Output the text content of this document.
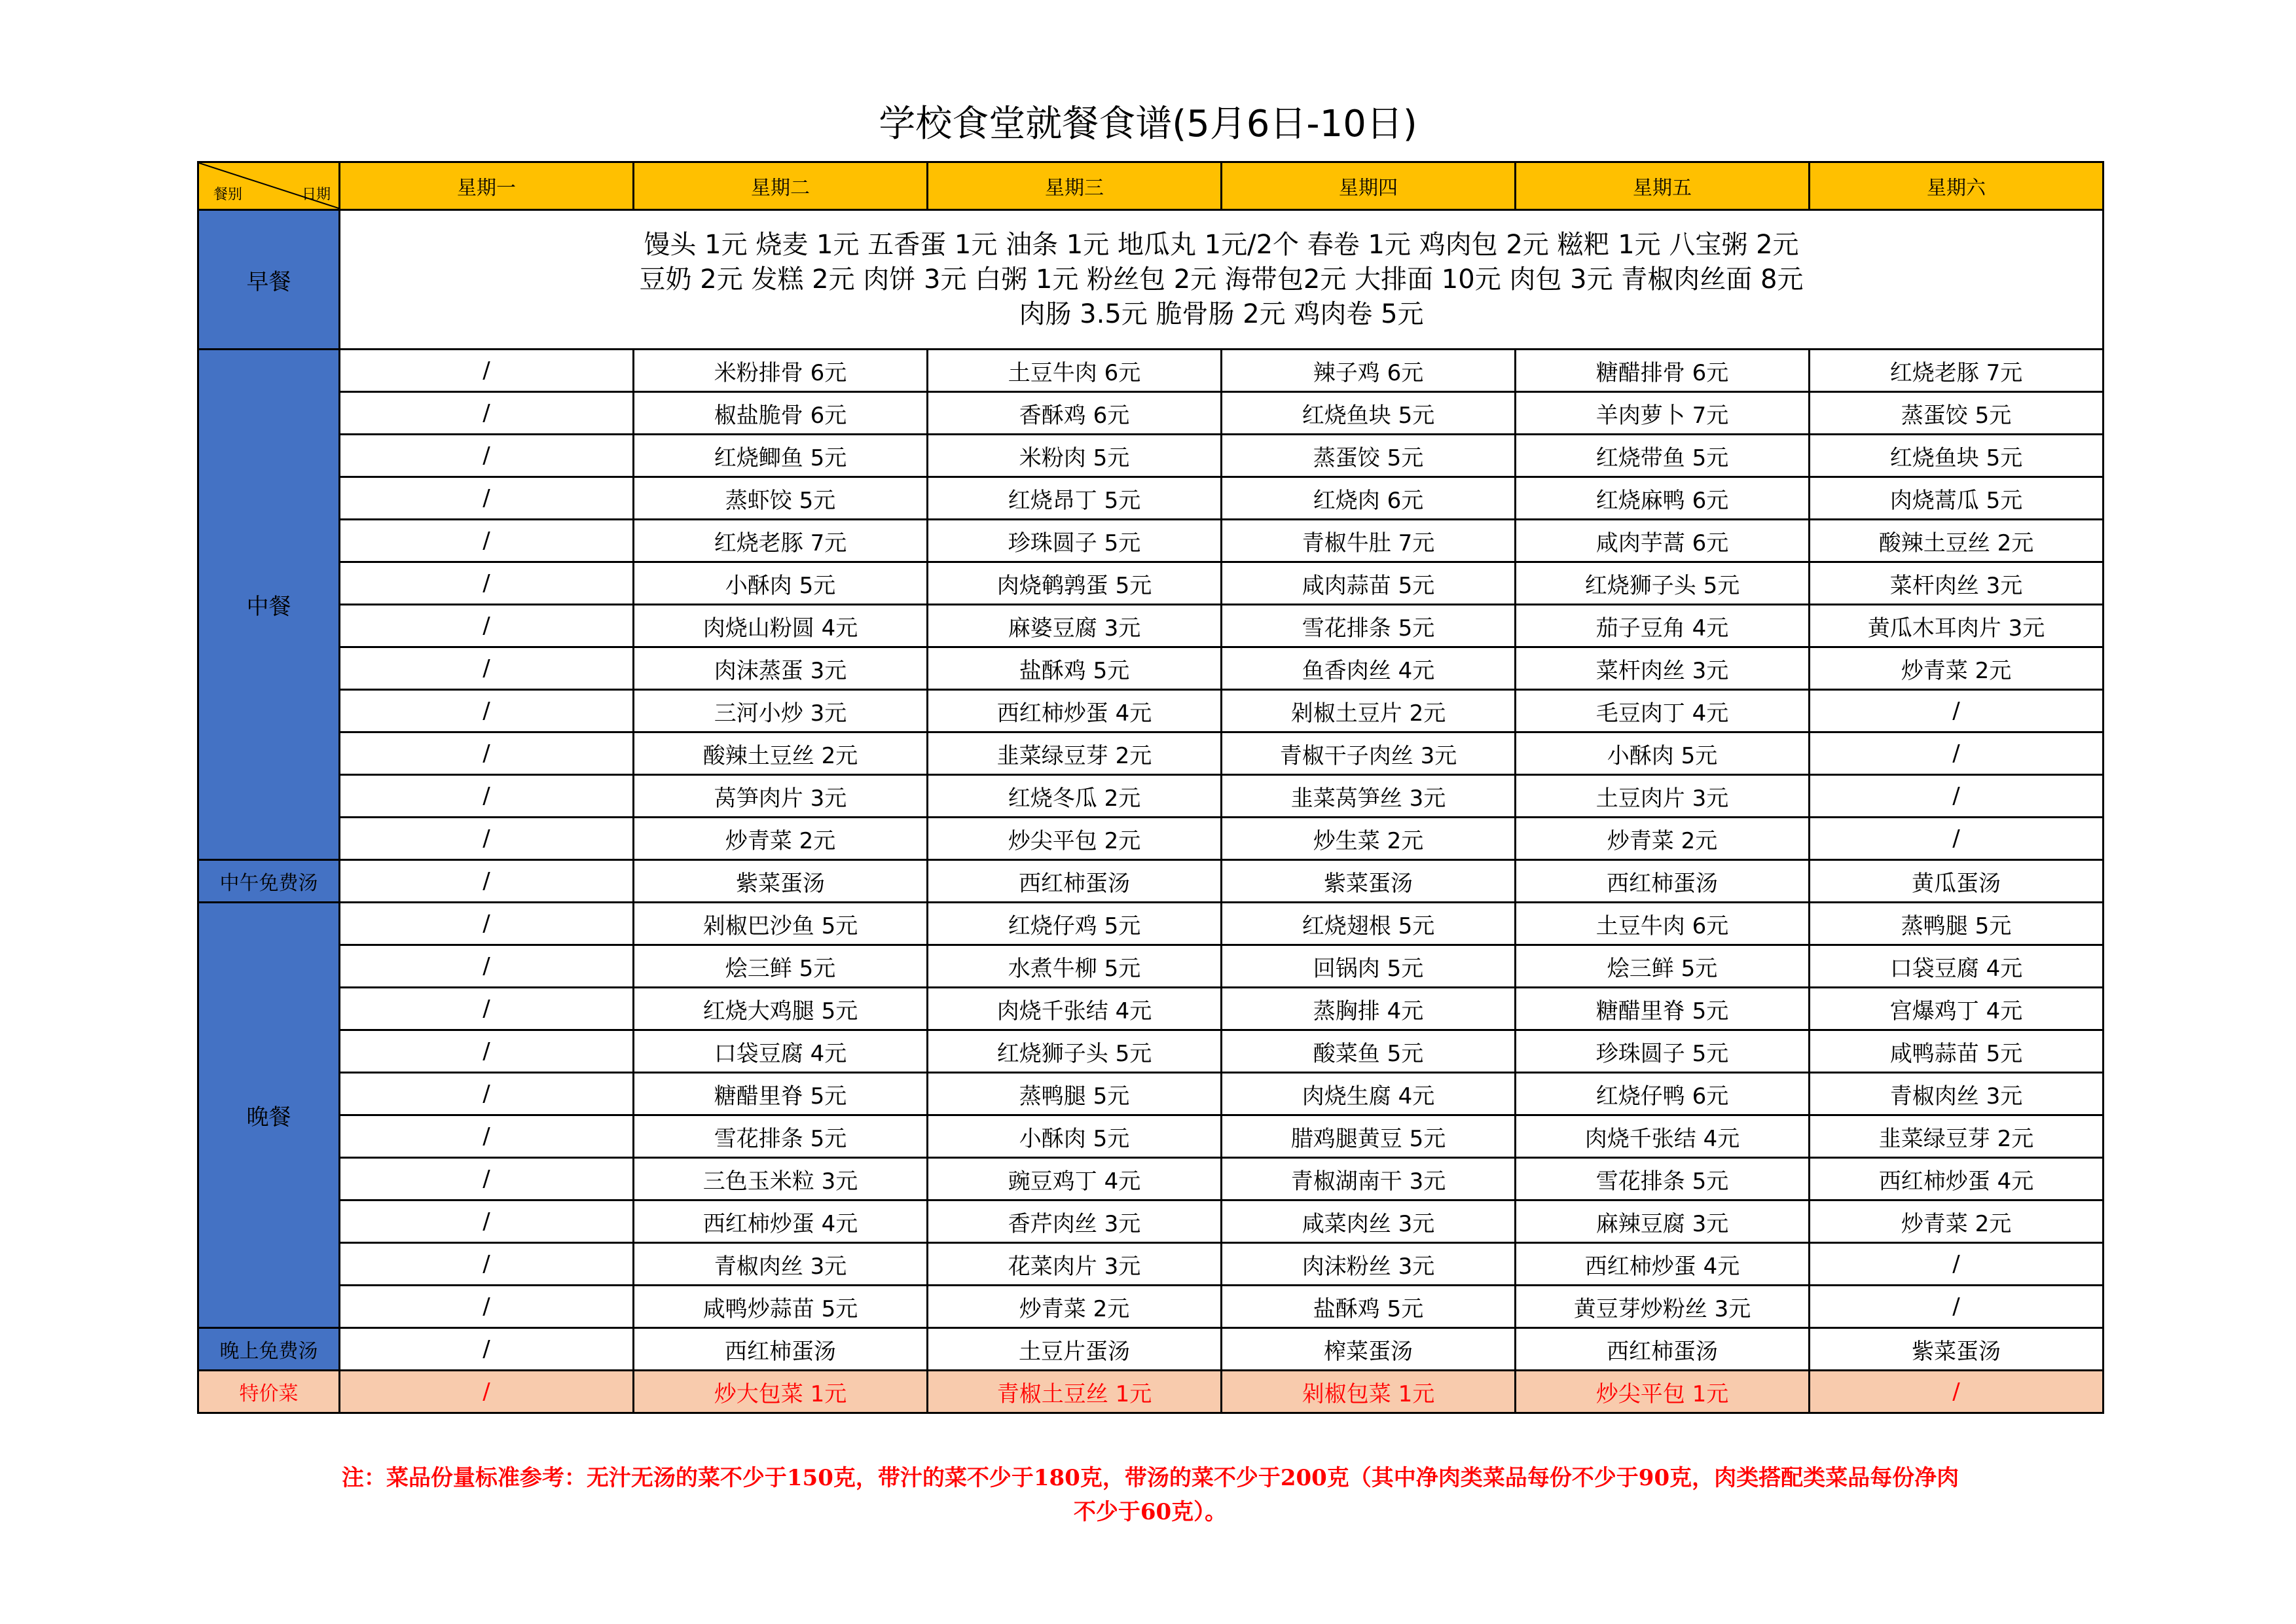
学校食堂就餐食谱(5月6日-10日)
餐别 日期	星期一	星期二	星期三	星期四	星期五	星期六
早餐	馒头 1元 烧麦 1元 五香蛋 1元 油条 1元 地瓜丸 1元/2个 春卷 1元 鸡肉包 2元 糍粑 1元 八宝粥 2元
豆奶 2元 发糕 2元 肉饼 3元 白粥 1元 粉丝包 2元 海带包2元 大排面 10元 肉包 3元 青椒肉丝面 8元
肉肠 3.5元 脆骨肠 2元 鸡肉卷 5元					

中餐	/	米粉排骨 6元	土豆牛肉 6元	辣子鸡 6元	糖醋排骨 6元	红烧老豚 7元
	/	椒盐脆骨 6元	香酥鸡 6元	红烧鱼块 5元	羊肉萝卜 7元	蒸蛋饺 5元
	/	红烧鲫鱼 5元	米粉肉 5元	蒸蛋饺 5元	红烧带鱼 5元	红烧鱼块 5元
	/	蒸虾饺 5元	红烧昂丁 5元	红烧肉 6元	红烧麻鸭 6元	肉烧蒿瓜 5元
	/	红烧老豚 7元	珍珠圆子 5元	青椒牛肚 7元	咸肉芋蒿 6元	酸辣土豆丝 2元
	/	小酥肉 5元	肉烧鹌鹑蛋 5元	咸肉蒜苗 5元	红烧狮子头 5元	菜杆肉丝 3元
	/	肉烧山粉圆 4元	麻婆豆腐 3元	雪花排条 5元	茄子豆角 4元	黄瓜木耳肉片 3元
	/	肉沫蒸蛋 3元	盐酥鸡 5元	鱼香肉丝 4元	菜杆肉丝 3元	炒青菜 2元
	/	三河小炒 3元	西红柿炒蛋 4元	剁椒土豆片 2元	毛豆肉丁 4元	/
	/	酸辣土豆丝 2元	韭菜绿豆芽 2元	青椒干子肉丝 3元	小酥肉 5元	/
	/	莴笋肉片 3元	红烧冬瓜 2元	韭菜莴笋丝 3元	土豆肉片 3元	/
	/	炒青菜 2元	炒尖平包 2元	炒生菜 2元	炒青菜 2元	/
中午免费汤	/	紫菜蛋汤	西红柿蛋汤	紫菜蛋汤	西红柿蛋汤	黄瓜蛋汤
晚餐	/	剁椒巴沙鱼 5元	红烧仔鸡 5元	红烧翅根 5元	土豆牛肉 6元	蒸鸭腿 5元
	/	烩三鲜 5元	水煮牛柳 5元	回锅肉 5元	烩三鲜 5元	口袋豆腐 4元
	/	红烧大鸡腿 5元	肉烧千张结 4元	蒸胸排 4元	糖醋里脊 5元	宫爆鸡丁 4元
	/	口袋豆腐 4元	红烧狮子头 5元	酸菜鱼 5元	珍珠圆子 5元	咸鸭蒜苗 5元
	/	糖醋里脊 5元	蒸鸭腿 5元	肉烧生腐 4元	红烧仔鸭 6元	青椒肉丝 3元
	/	雪花排条 5元	小酥肉 5元	腊鸡腿黄豆 5元	肉烧千张结 4元	韭菜绿豆芽 2元
	/	三色玉米粒 3元	豌豆鸡丁 4元	青椒湖南干 3元	雪花排条 5元	西红柿炒蛋 4元
	/	西红柿炒蛋 4元	香芹肉丝 3元	咸菜肉丝 3元	麻辣豆腐 3元	炒青菜 2元
	/	青椒肉丝 3元	花菜肉片 3元	肉沫粉丝 3元	西红柿炒蛋 4元	/
	/	咸鸭炒蒜苗 5元	炒青菜 2元	盐酥鸡 5元	黄豆芽炒粉丝 3元	/
晚上免费汤	/	西红柿蛋汤	土豆片蛋汤	榨菜蛋汤	西红柿蛋汤	紫菜蛋汤
特价菜	/	炒大包菜 1元	青椒土豆丝 1元	剁椒包菜 1元	炒尖平包 1元	/
注：菜品份量标准参考：无汁无汤的菜不少于150克，带汁的菜不少于180克，带汤的菜不少于200克（其中净肉类菜品每份不少于90克，肉类搭配类菜品每份净肉
不少于60克）。
